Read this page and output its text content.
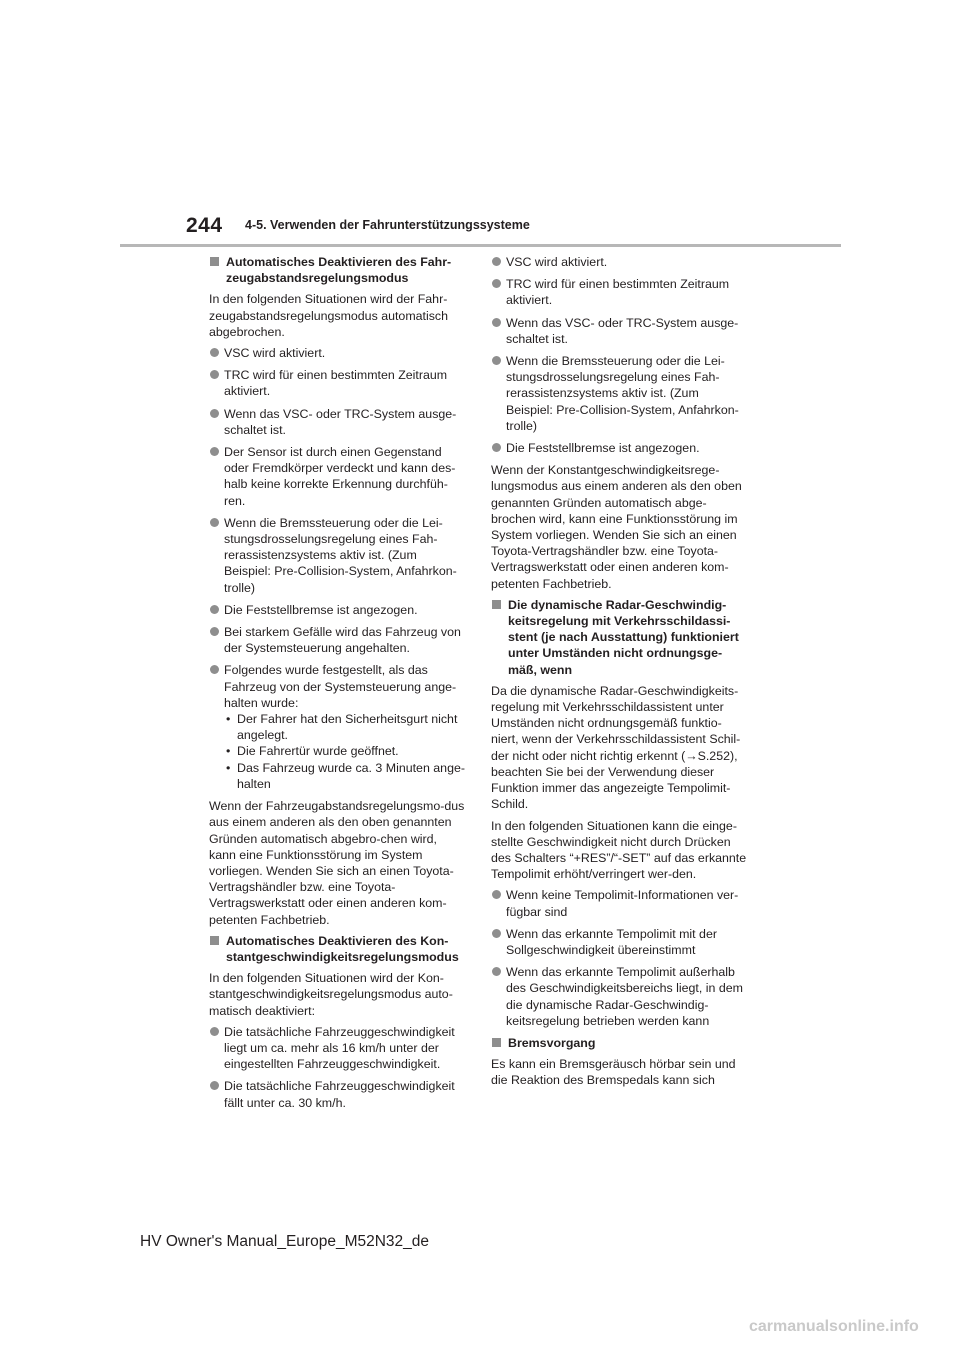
244 4-5. Verwenden der Fahrunterstützungssysteme
Automatisches Deaktivieren des Fahr-zeugabstandsregelungsmodus

In den folgenden Situationen wird der Fahr-zeugabstandsregelungsmodus automatisch abgebrochen.

VSC wird aktiviert.
TRC wird für einen bestimmten Zeitraum aktiviert.
Wenn das VSC- oder TRC-System ausge-schaltet ist.
Der Sensor ist durch einen Gegenstand oder Fremdkörper verdeckt und kann des-halb keine korrekte Erkennung durchfüh-ren.
Wenn die Bremssteuerung oder die Lei-stungsdrosselungsregelung eines Fah-rerassistenzsystems aktiv ist. (Zum Beispiel: Pre-Collision-System, Anfahrkon-trolle)
Die Feststellbremse ist angezogen.
Bei starkem Gefälle wird das Fahrzeug von der Systemsteuerung angehalten.
Folgendes wurde festgestellt, als das Fahrzeug von der Systemsteuerung ange-halten wurde:
• Der Fahrer hat den Sicherheitsgurt nicht angelegt.
• Die Fahrertür wurde geöffnet.
• Das Fahrzeug wurde ca. 3 Minuten ange-halten

Wenn der Fahrzeugabstandsregelungsmo-dus aus einem anderen als den oben genannten Gründen automatisch abgebro-chen wird, kann eine Funktionsstörung im System vorliegen. Wenden Sie sich an einen Toyota-Vertragshändler bzw. eine Toyota-Vertragswerkstatt oder einen anderen kom-petenten Fachbetrieb.

Automatisches Deaktivieren des Kon-stantgeschwindigkeitsregelungsmodus

In den folgenden Situationen wird der Kon-stantgeschwindigkeitsregelungsmodus auto-matisch deaktiviert:

Die tatsächliche Fahrzeuggeschwindigkeit liegt um ca. mehr als 16 km/h unter der eingestellten Fahrzeuggeschwindigkeit.
Die tatsächliche Fahrzeuggeschwindigkeit fällt unter ca. 30 km/h.
VSC wird aktiviert.
TRC wird für einen bestimmten Zeitraum aktiviert.
Wenn das VSC- oder TRC-System ausge-schaltet ist.
Wenn die Bremssteuerung oder die Lei-stungsdrosselungsregelung eines Fah-rerassistenzsystems aktiv ist. (Zum Beispiel: Pre-Collision-System, Anfahrkon-trolle)
Die Feststellbremse ist angezogen.

Wenn der Konstantgeschwindigkeitsrege-lungsmodus aus einem anderen als den oben genannten Gründen automatisch abge-brochen wird, kann eine Funktionsstörung im System vorliegen. Wenden Sie sich an einen Toyota-Vertragshändler bzw. eine Toyota-Vertragswerkstatt oder einen anderen kom-petenten Fachbetrieb.

Die dynamische Radar-Geschwindig-keitsregelung mit Verkehrsschildassi-stent (je nach Ausstattung) funktioniert unter Umständen nicht ordnungsge-mäß, wenn

Da die dynamische Radar-Geschwindigkeits-regelung mit Verkehrsschildassistent unter Umständen nicht ordnungsgemäß funktio-niert, wenn der Verkehrsschildassistent Schil-der nicht oder nicht richtig erkennt (→S.252), beachten Sie bei der Verwendung dieser Funktion immer das angezeigte Tempolimit-Schild.

In den folgenden Situationen kann die einge-stellte Geschwindigkeit nicht durch Drücken des Schalters “+RES”/“-SET” auf das erkannte Tempolimit erhöht/verringert wer-den.

Wenn keine Tempolimit-Informationen ver-fügbar sind
Wenn das erkannte Tempolimit mit der Sollgeschwindigkeit übereinstimmt
Wenn das erkannte Tempolimit außerhalb des Geschwindigkeitsbereichs liegt, in dem die dynamische Radar-Geschwindig-keitsregelung betrieben werden kann
Bremsvorgang

Es kann ein Bremsgeräusch hörbar sein und die Reaktion des Bremspedals kann sich

HV Owner's Manual_Europe_M52N32_de
carmanualsonline.info
